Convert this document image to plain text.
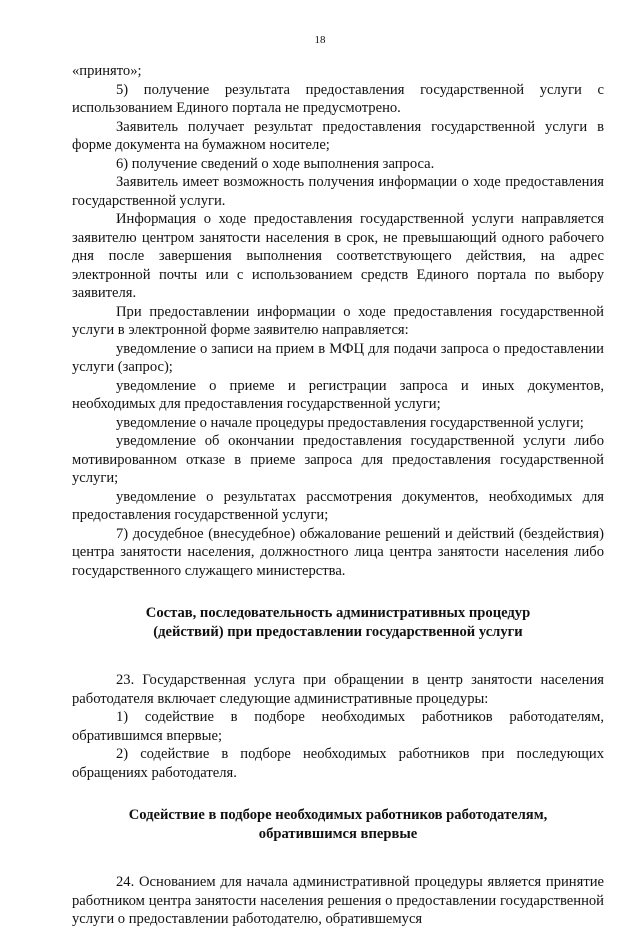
18

«принято»;

5) получение результата предоставления государственной услуги с использованием Единого портала не предусмотрено.

Заявитель получает результат предоставления государственной услуги в форме документа на бумажном носителе;

6) получение сведений о ходе выполнения запроса.

Заявитель имеет возможность получения информации о ходе предоставления государственной услуги.

Информация о ходе предоставления государственной услуги направляется заявителю центром занятости населения в срок, не превышающий одного рабочего дня после завершения выполнения соответствующего действия, на адрес электронной почты или с использованием средств Единого портала по выбору заявителя.

При предоставлении информации о ходе предоставления государственной услуги в электронной форме заявителю направляется:

уведомление о записи на прием в МФЦ для подачи запроса о предоставлении услуги (запрос);

уведомление о приеме и регистрации запроса и иных документов, необходимых для предоставления государственной услуги;

уведомление о начале процедуры предоставления государственной услуги;

уведомление об окончании предоставления государственной услуги либо мотивированном отказе в приеме запроса для предоставления государственной услуги;

уведомление о результатах рассмотрения документов, необходимых для предоставления государственной услуги;

7) досудебное (внесудебное) обжалование решений и действий (бездействия) центра занятости населения, должностного лица центра занятости населения либо государственного служащего министерства.

Состав, последовательность административных процедур
(действий) при предоставлении государственной услуги

23. Государственная услуга при обращении в центр занятости населения работодателя включает следующие административные процедуры:

1) содействие в подборе необходимых работников работодателям, обратившимся впервые;

2) содействие в подборе необходимых работников при последующих обращениях работодателя.

Содействие в подборе необходимых работников работодателям,
обратившимся впервые

24. Основанием для начала административной процедуры является принятие работником центра занятости населения решения о предоставлении государственной услуги о предоставлении работодателю, обратившемуся
